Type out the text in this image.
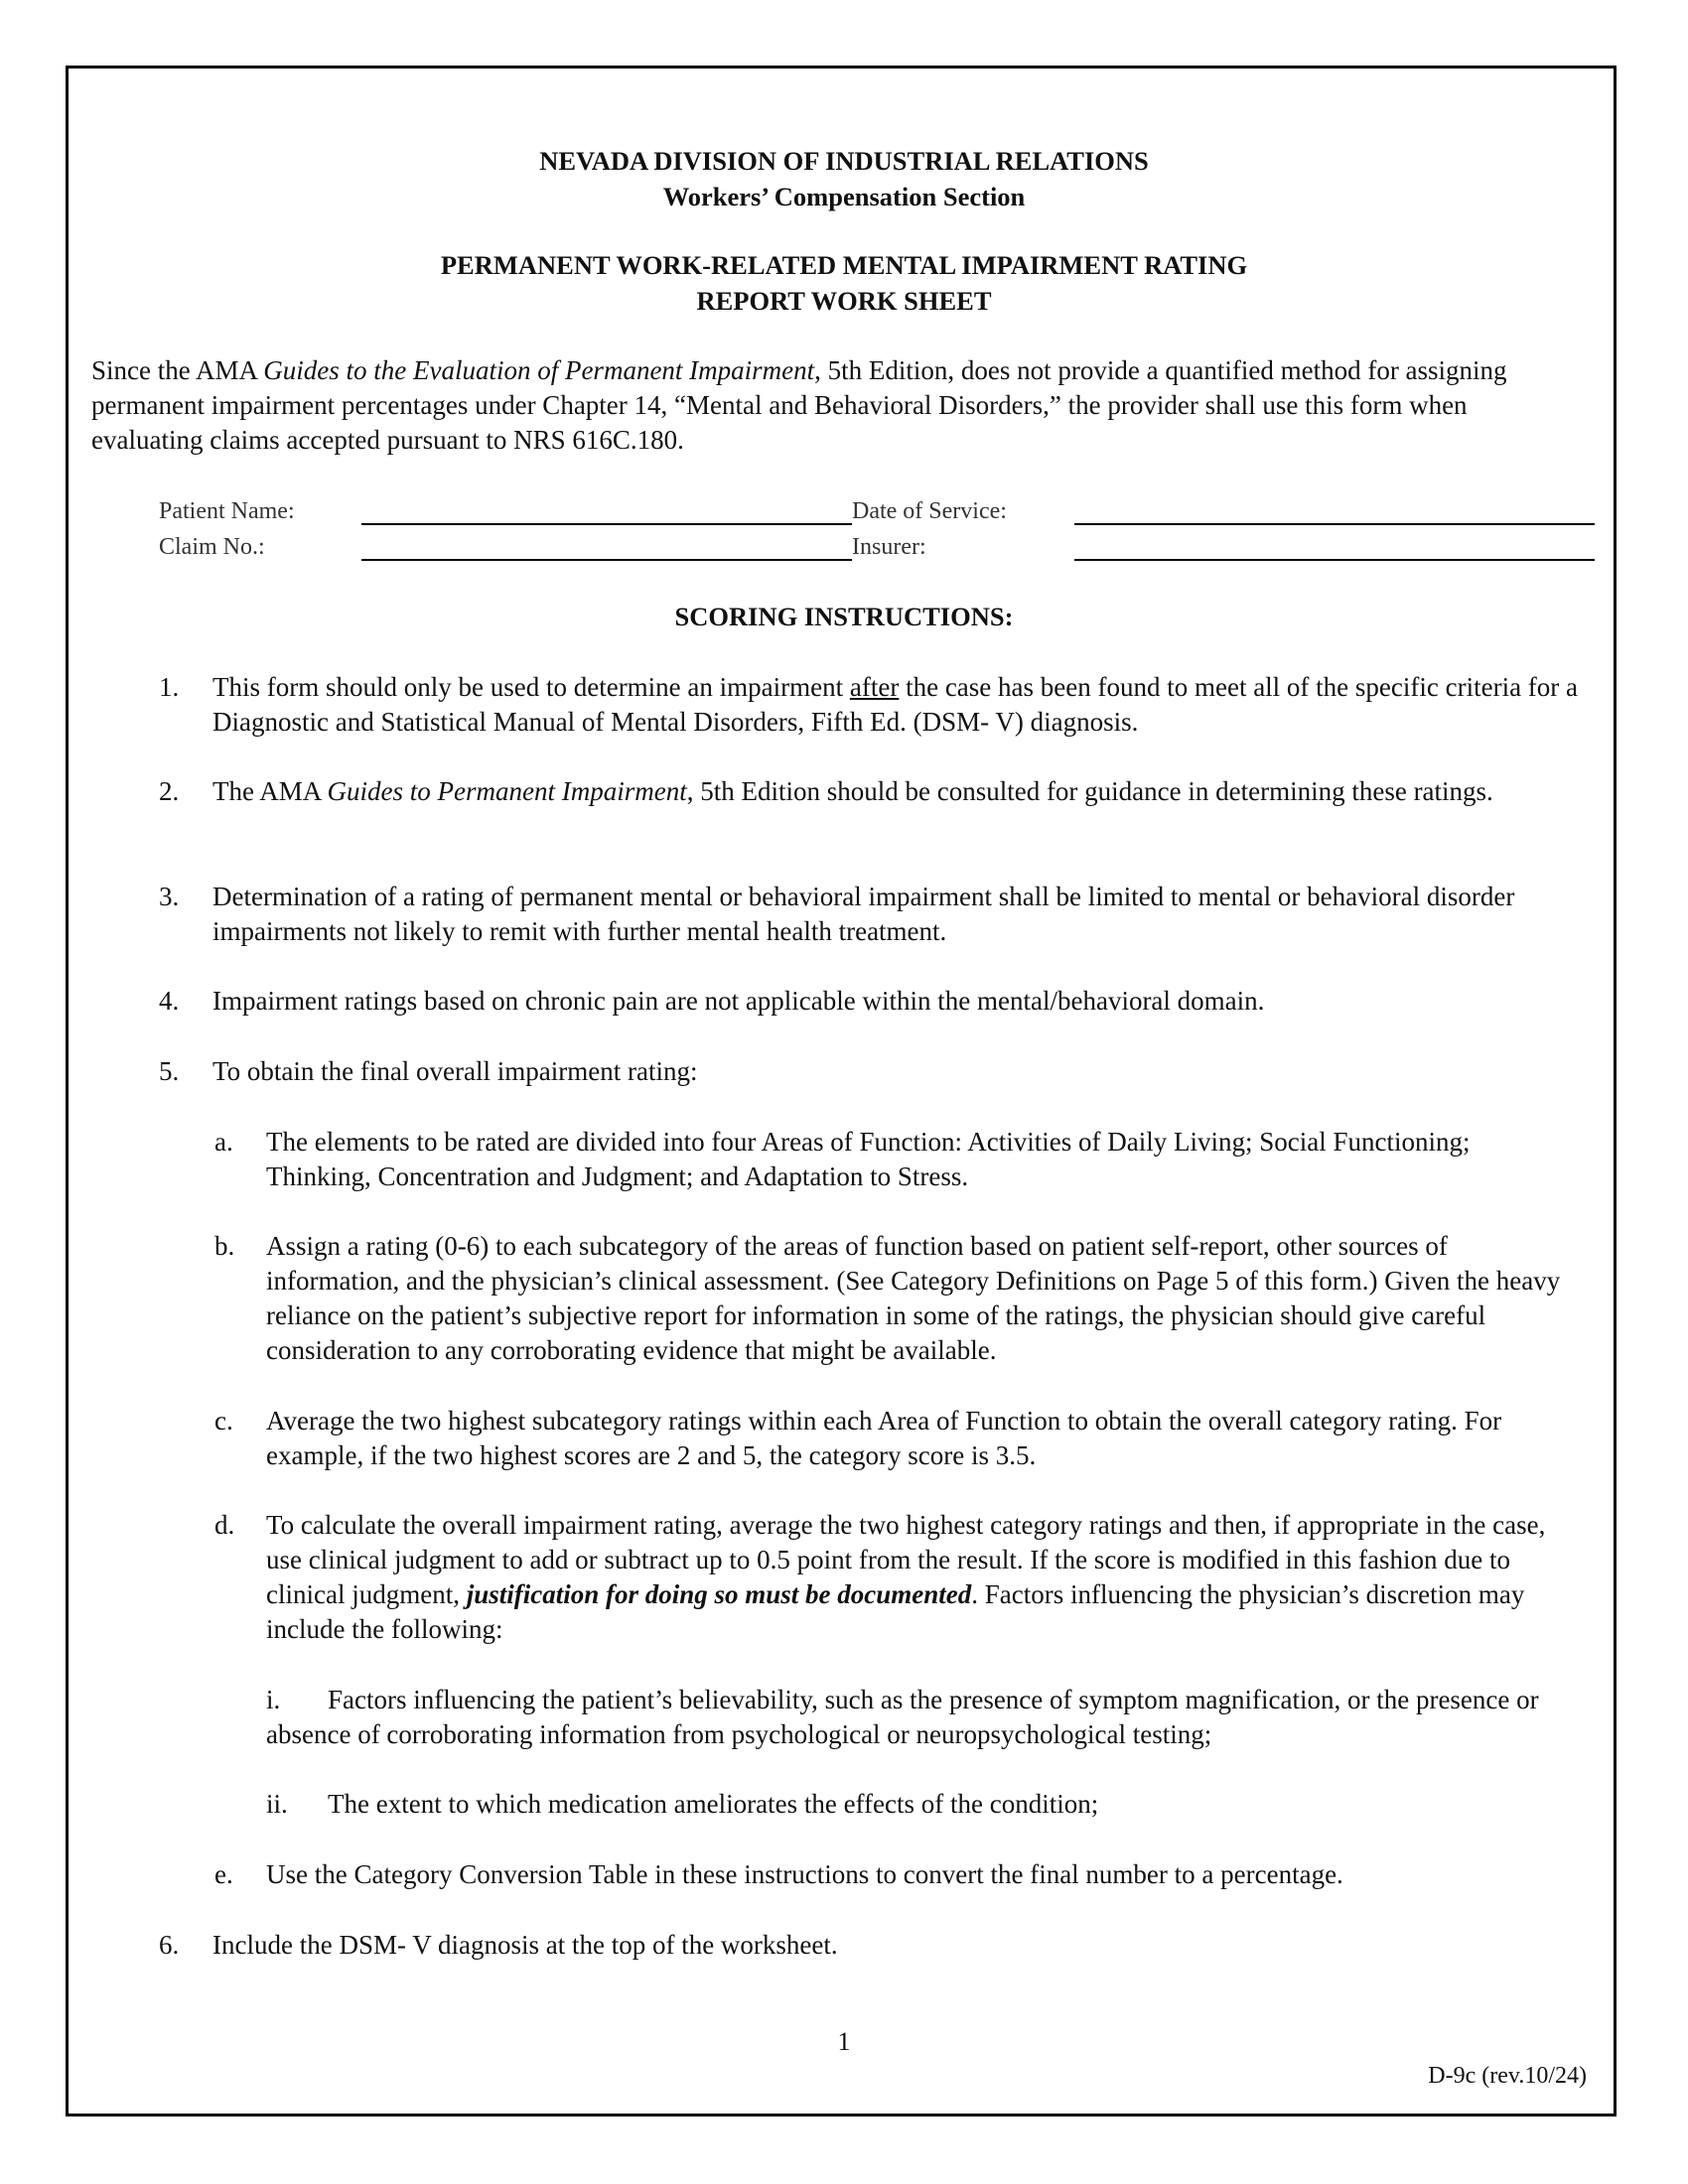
NEVADA DIVISION OF INDUSTRIAL RELATIONS
Workers’ Compensation Section
PERMANENT WORK-RELATED MENTAL IMPAIRMENT RATING
REPORT WORK SHEET
Since the AMA Guides to the Evaluation of Permanent Impairment, 5th Edition, does not provide a quantified method for assigning permanent impairment percentages under Chapter 14, “Mental and Behavioral Disorders,” the provider shall use this form when evaluating claims accepted pursuant to NRS 616C.180.
Patient Name:	Date of Service:
Claim No.:	Insurer:
SCORING INSTRUCTIONS:
1. This form should only be used to determine an impairment after the case has been found to meet all of the specific criteria for a Diagnostic and Statistical Manual of Mental Disorders, Fifth Ed. (DSM- V) diagnosis.
2. The AMA Guides to Permanent Impairment, 5th Edition should be consulted for guidance in determining these ratings.
3. Determination of a rating of permanent mental or behavioral impairment shall be limited to mental or behavioral disorder impairments not likely to remit with further mental health treatment.
4. Impairment ratings based on chronic pain are not applicable within the mental/behavioral domain.
5. To obtain the final overall impairment rating:
a. The elements to be rated are divided into four Areas of Function: Activities of Daily Living; Social Functioning; Thinking, Concentration and Judgment; and Adaptation to Stress.
b. Assign a rating (0-6) to each subcategory of the areas of function based on patient self-report, other sources of information, and the physician’s clinical assessment. (See Category Definitions on Page 5 of this form.) Given the heavy reliance on the patient’s subjective report for information in some of the ratings, the physician should give careful consideration to any corroborating evidence that might be available.
c. Average the two highest subcategory ratings within each Area of Function to obtain the overall category rating. For example, if the two highest scores are 2 and 5, the category score is 3.5.
d. To calculate the overall impairment rating, average the two highest category ratings and then, if appropriate in the case, use clinical judgment to add or subtract up to 0.5 point from the result. If the score is modified in this fashion due to clinical judgment, justification for doing so must be documented. Factors influencing the physician’s discretion may include the following:
i. Factors influencing the patient’s believability, such as the presence of symptom magnification, or the presence or absence of corroborating information from psychological or neuropsychological testing;
ii. The extent to which medication ameliorates the effects of the condition;
e. Use the Category Conversion Table in these instructions to convert the final number to a percentage.
6. Include the DSM- V diagnosis at the top of the worksheet.
1
D-9c (rev.10/24)
